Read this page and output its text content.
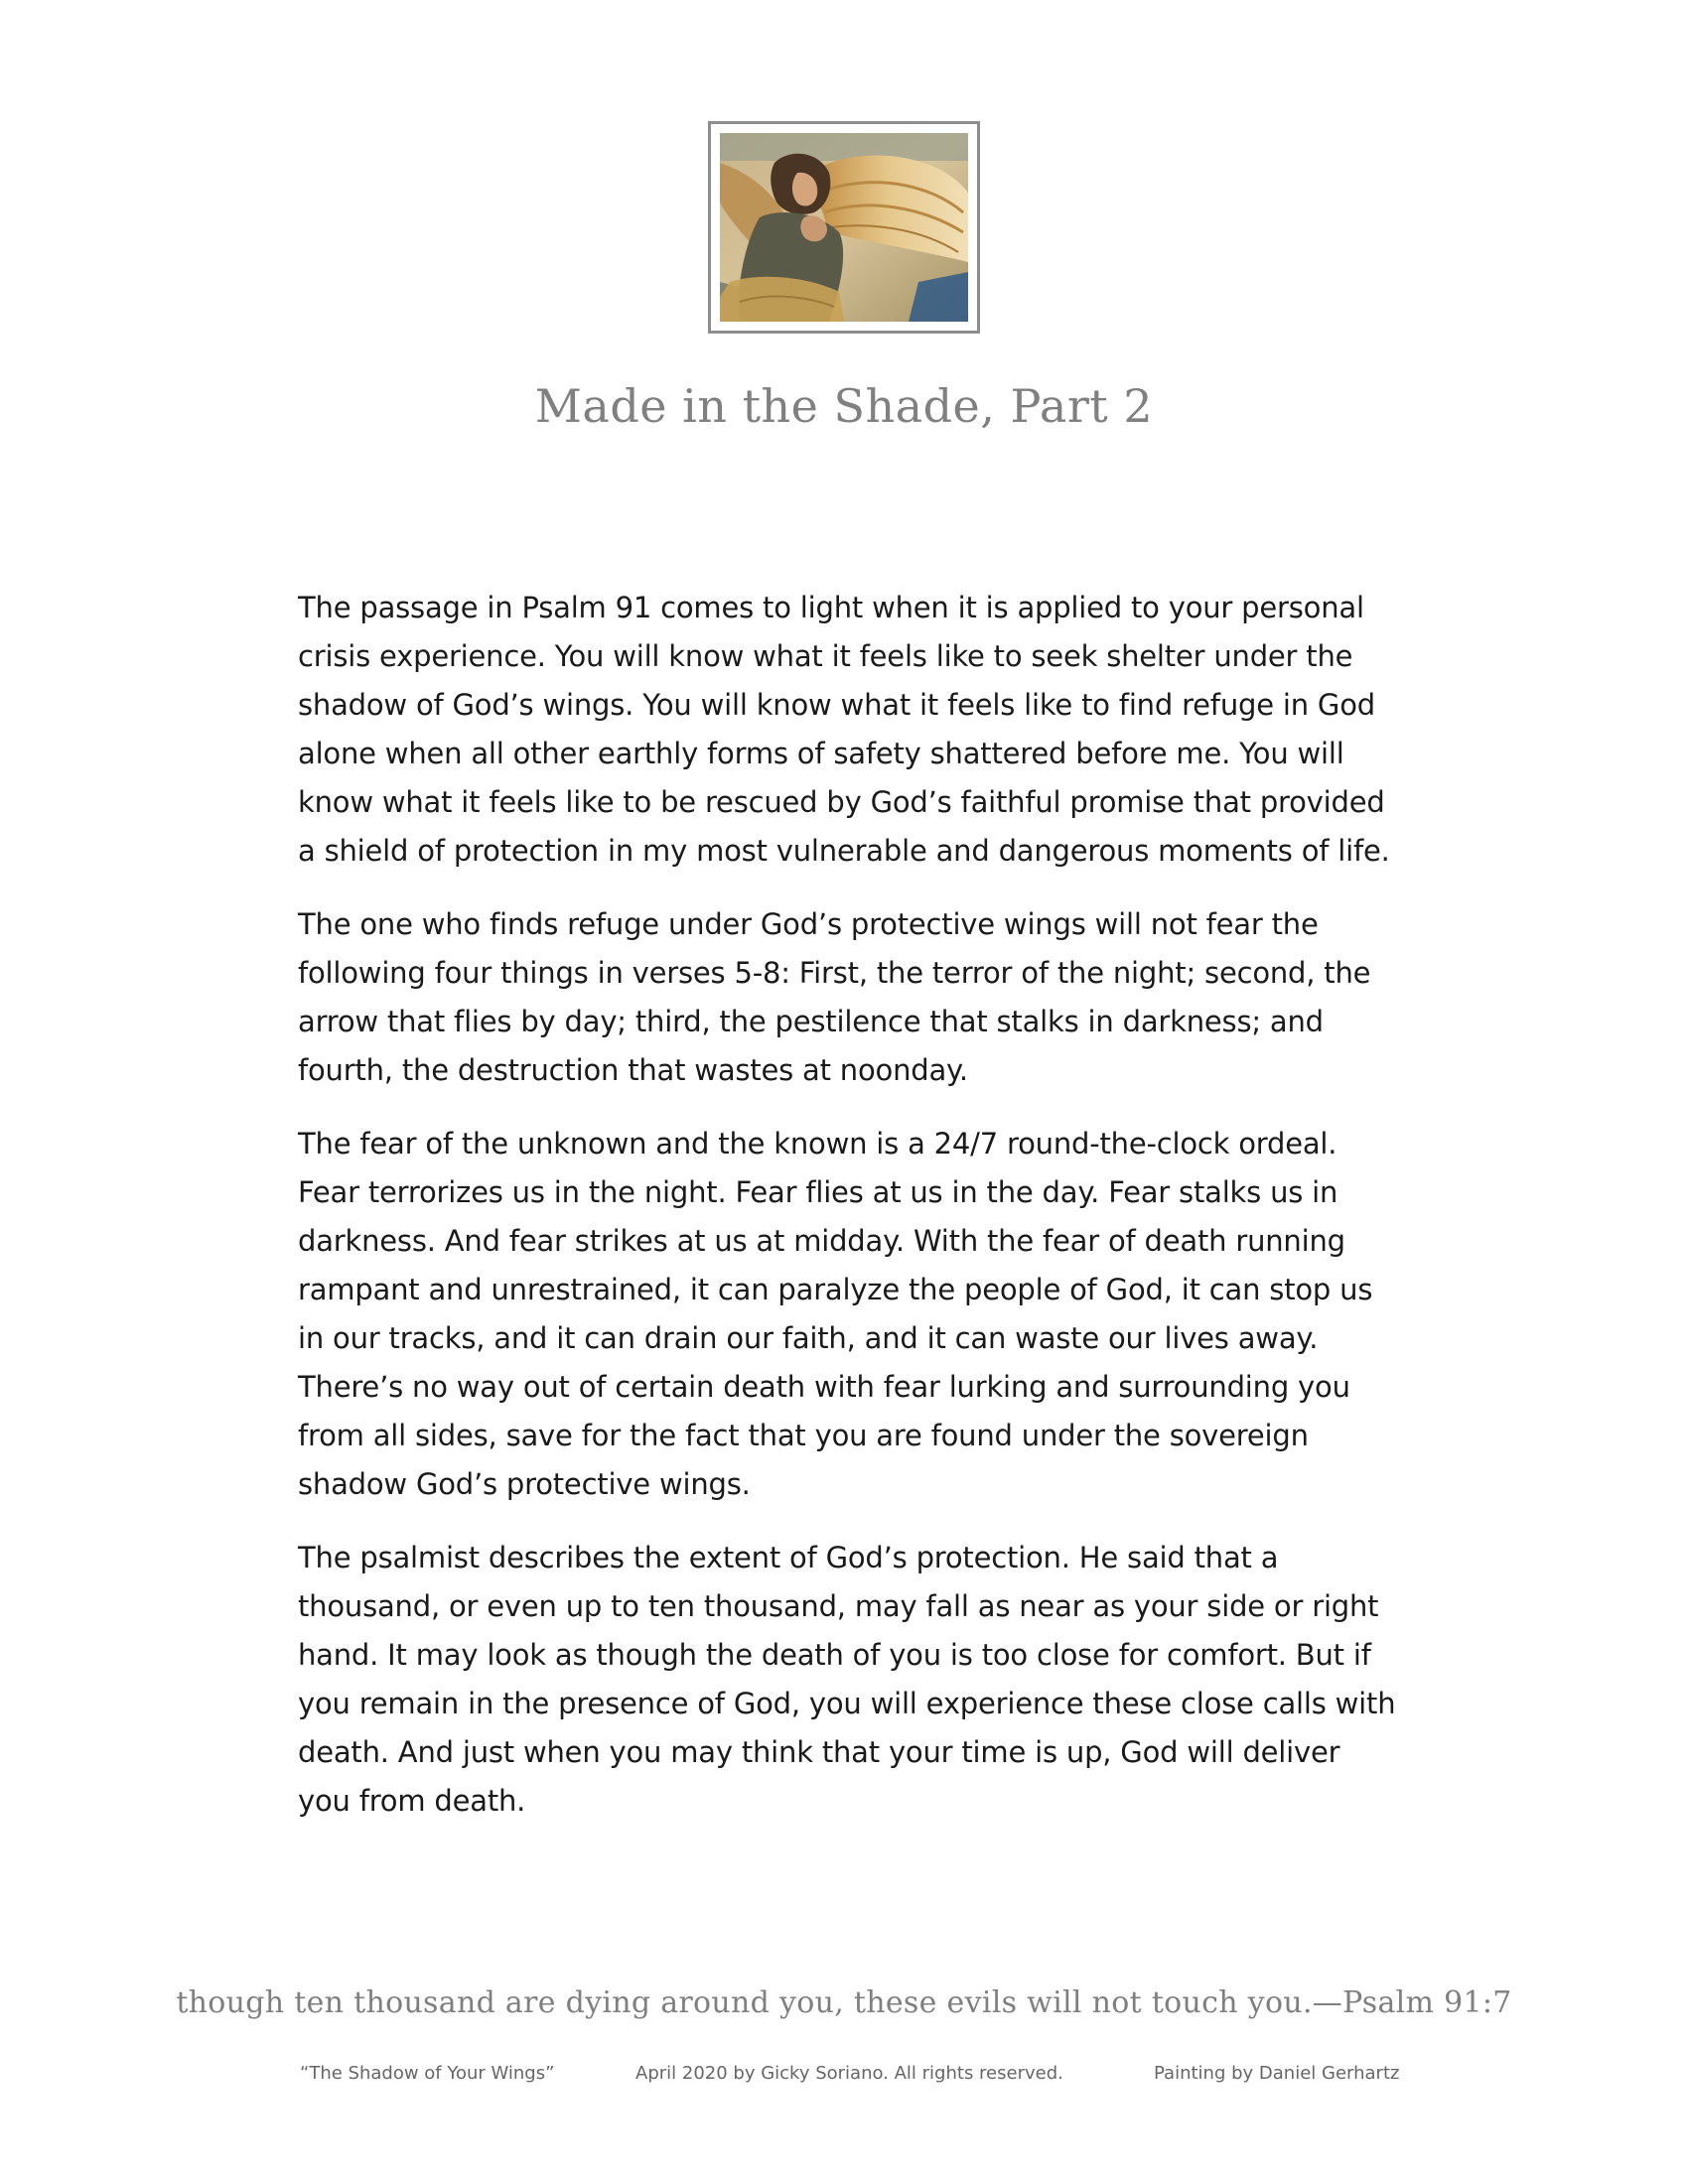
Made in the Shade, Part 2

The passage in Psalm 91 comes to light when it is applied to your personal crisis experience. You will know what it feels like to seek shelter under the shadow of God’s wings. You will know what it feels like to find refuge in God alone when all other earthly forms of safety shattered before me. You will know what it feels like to be rescued by God’s faithful promise that provided a shield of protection in my most vulnerable and dangerous moments of life.

The one who finds refuge under God’s protective wings will not fear the following four things in verses 5-8: First, the terror of the night; second, the arrow that flies by day; third, the pestilence that stalks in darkness; and fourth, the destruction that wastes at noonday.

The fear of the unknown and the known is a 24/7 round-the-clock ordeal. Fear terrorizes us in the night. Fear flies at us in the day. Fear stalks us in darkness. And fear strikes at us at midday. With the fear of death running rampant and unrestrained, it can paralyze the people of God, it can stop us in our tracks, and it can drain our faith, and it can waste our lives away. There’s no way out of certain death with fear lurking and surrounding you from all sides, save for the fact that you are found under the sovereign shadow God’s protective wings.

The psalmist describes the extent of God’s protection. He said that a thousand, or even up to ten thousand, may fall as near as your side or right hand. It may look as though the death of you is too close for comfort. But if you remain in the presence of God, you will experience these close calls with death. And just when you may think that your time is up, God will deliver you from death.

though ten thousand are dying around you, these evils will not touch you.—Psalm 91:7
“The Shadow of Your Wings”	April 2020 by Gicky Soriano. All rights reserved.	Painting by Daniel Gerhartz
